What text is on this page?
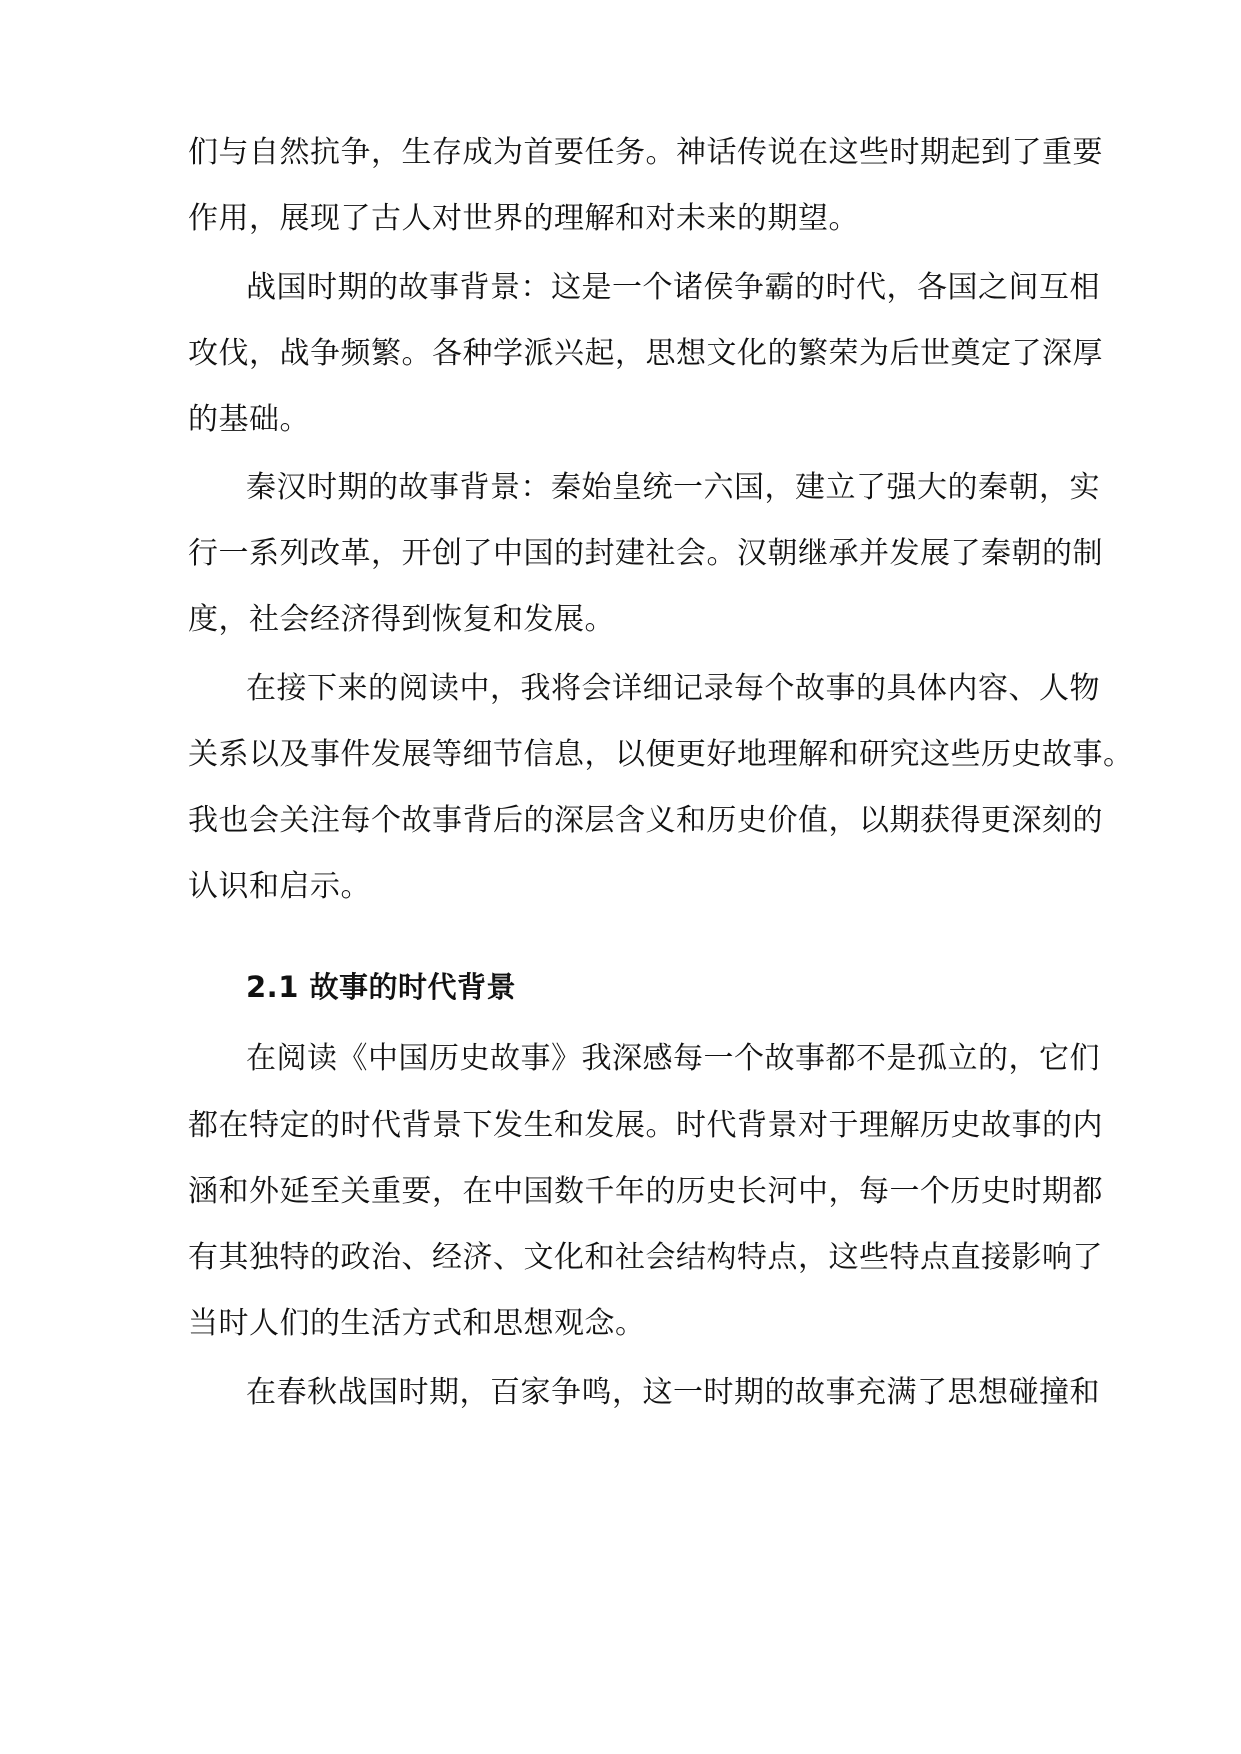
们与自然抗争，生存成为首要任务。神话传说在这些时期起到了重要
作用，展现了古人对世界的理解和对未来的期望。
战国时期的故事背景：这是一个诸侯争霸的时代，各国之间互相
攻伐，战争频繁。各种学派兴起，思想文化的繁荣为后世奠定了深厚
的基础。
秦汉时期的故事背景：秦始皇统一六国，建立了强大的秦朝，实
行一系列改革，开创了中国的封建社会。汉朝继承并发展了秦朝的制
度，社会经济得到恢复和发展。
在接下来的阅读中，我将会详细记录每个故事的具体内容、人物
关系以及事件发展等细节信息，以便更好地理解和研究这些历史故事。
我也会关注每个故事背后的深层含义和历史价值，以期获得更深刻的
认识和启示。
2.1 故事的时代背景
在阅读《中国历史故事》我深感每一个故事都不是孤立的，它们
都在特定的时代背景下发生和发展。时代背景对于理解历史故事的内
涵和外延至关重要，在中国数千年的历史长河中，每一个历史时期都
有其独特的政治、经济、文化和社会结构特点，这些特点直接影响了
当时人们的生活方式和思想观念。
在春秋战国时期，百家争鸣，这一时期的故事充满了思想碰撞和
